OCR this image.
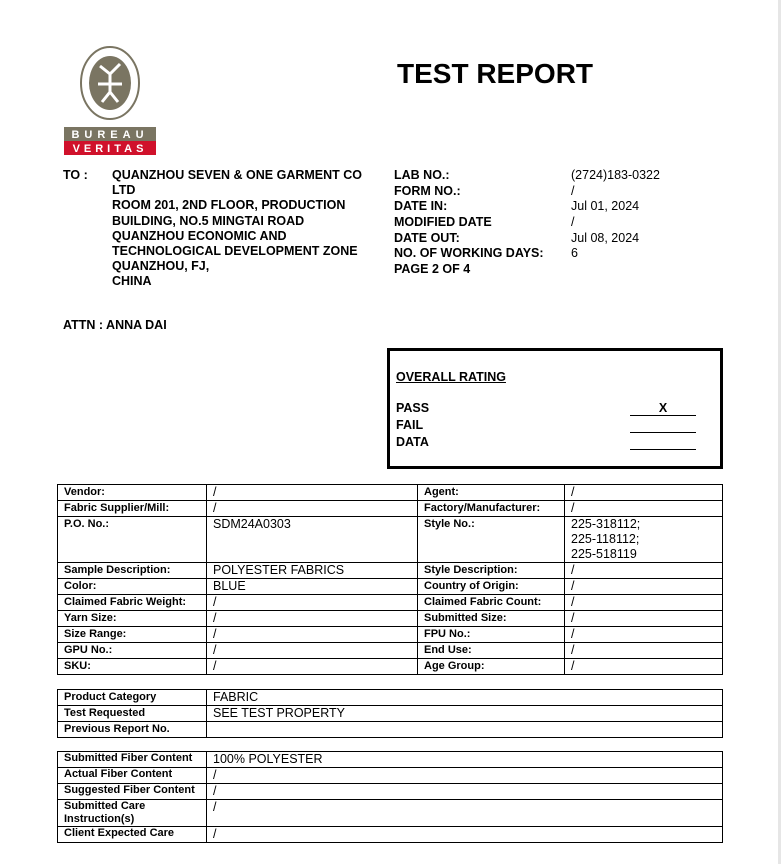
BUREAU
VERITAS
TEST REPORT
TO : QUANZHOU SEVEN & ONE GARMENT CO
LTD
ROOM 201, 2ND FLOOR, PRODUCTION
BUILDING, NO.5 MINGTAI ROAD
QUANZHOU ECONOMIC AND
TECHNOLOGICAL DEVELOPMENT ZONE
QUANZHOU, FJ,
CHINA
LAB NO.:	(2724)183-0322
FORM NO.:	/
DATE IN:	Jul 01, 2024
MODIFIED DATE	/
DATE OUT:	Jul 08, 2024
NO. OF WORKING DAYS:	6
PAGE 2 OF 4
ATTN : ANNA DAI
OVERALL RATING
PASS
FAIL
DATA
X
Vendor:	/	Agent:	/
Fabric Supplier/Mill:	/	Factory/Manufacturer:	/
P.O. No.:	SDM24A0303	Style No.:	225-318112;
225-118112;
225-518119
Sample Description:	POLYESTER FABRICS	Style Description:	/
Color:	BLUE	Country of Origin:	/
Claimed Fabric Weight:	/	Claimed Fabric Count:	/
Yarn Size:	/	Submitted Size:	/
Size Range:	/	FPU No.:	/
GPU No.:	/	End Use:	/
SKU:	/	Age Group:	/
Product Category	FABRIC
Test Requested	SEE TEST PROPERTY
Previous Report No.	
Submitted Fiber Content	100% POLYESTER
Actual Fiber Content	/
Suggested Fiber Content	/
Submitted Care Instruction(s)	/
Client Expected Care	/
